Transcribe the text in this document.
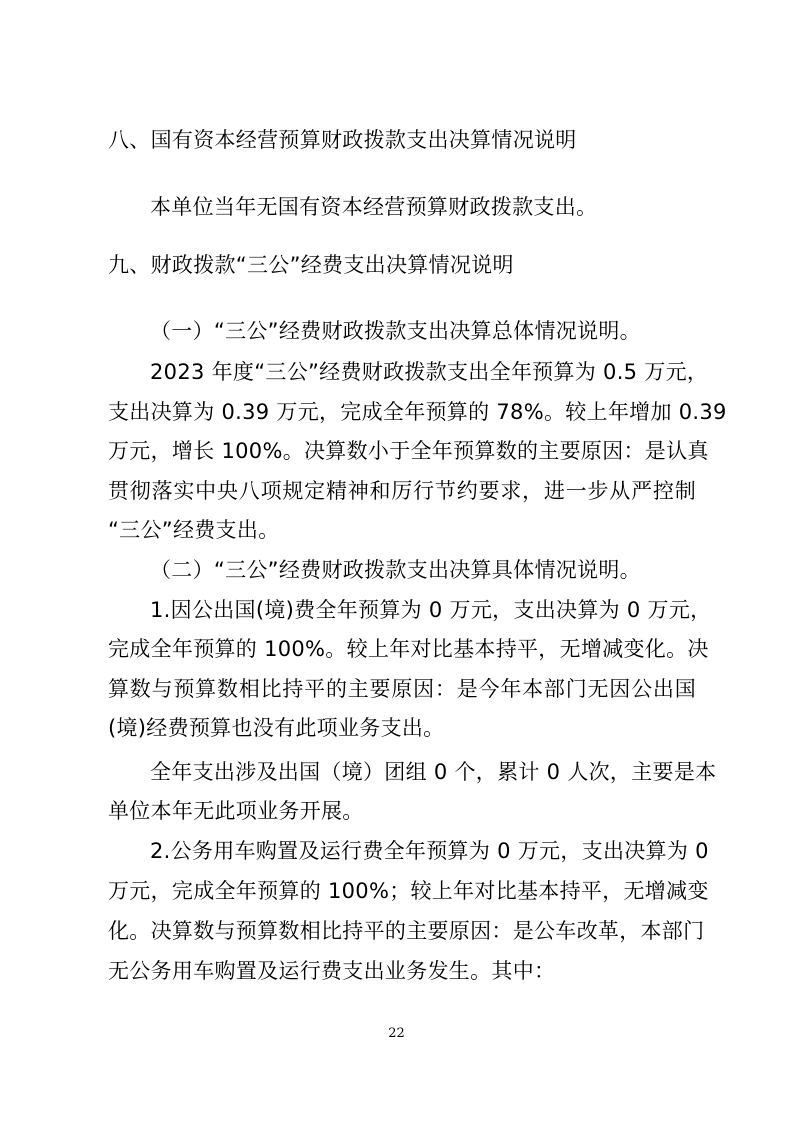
八、国有资本经营预算财政拨款支出决算情况说明
本单位当年无国有资本经营预算财政拨款支出。
九、财政拨款“三公”经费支出决算情况说明
（一）“三公”经费财政拨款支出决算总体情况说明。
2023 年度“三公”经费财政拨款支出全年预算为 0.5 万元，
支出决算为 0.39 万元，完成全年预算的 78%。较上年增加 0.39
万元，增长 100%。决算数小于全年预算数的主要原因：是认真
贯彻落实中央八项规定精神和厉行节约要求，进一步从严控制
“三公”经费支出。
（二）“三公”经费财政拨款支出决算具体情况说明。
1.因公出国(境)费全年预算为 0 万元，支出决算为 0 万元，
完成全年预算的 100%。较上年对比基本持平，无增减变化。决
算数与预算数相比持平的主要原因：是今年本部门无因公出国
(境)经费预算也没有此项业务支出。
全年支出涉及出国（境）团组 0 个，累计 0 人次，主要是本
单位本年无此项业务开展。
2.公务用车购置及运行费全年预算为 0 万元，支出决算为 0
万元，完成全年预算的 100%；较上年对比基本持平，无增减变
化。决算数与预算数相比持平的主要原因：是公车改革，本部门
无公务用车购置及运行费支出业务发生。其中：
22
